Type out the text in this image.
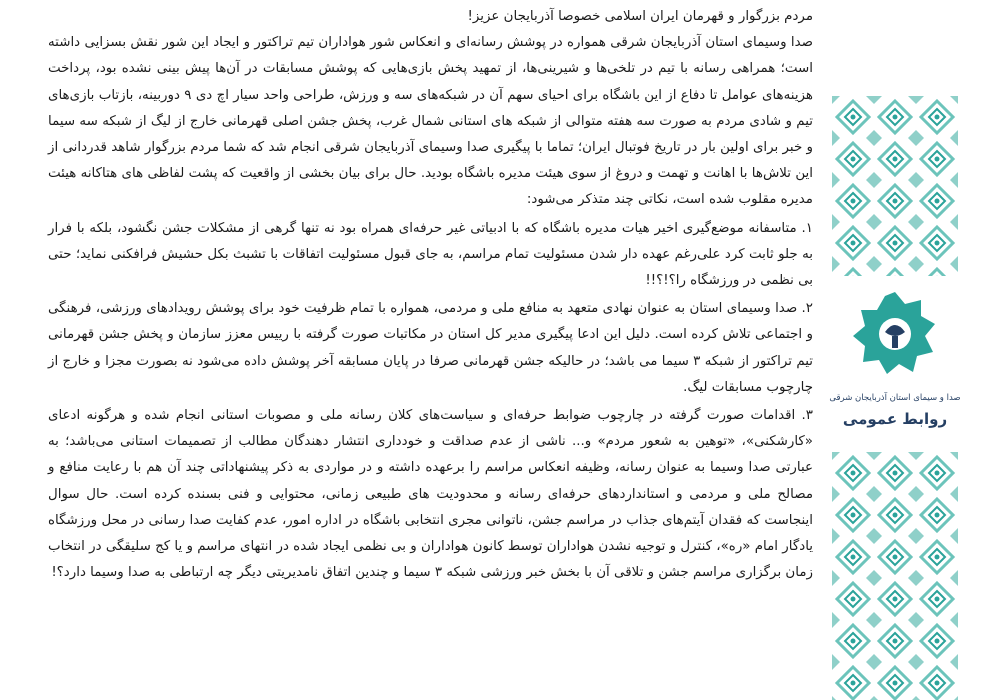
مردم بزرگوار و قهرمان ایران اسلامی خصوصا آذربایجان عزیز!

صدا وسیمای استان آذربایجان شرقی همواره در پوشش رسانه‌ای و انعکاس شور هواداران تیم تراکتور و ایجاد این شور نقش بسزایی داشته است؛ همراهی رسانه با تیم در تلخی‌ها و شیرینی‌ها، از تمهید پخش بازی‌هایی که پوشش مسابقات در آن‌ها پیش بینی نشده بود، پرداخت هزینه‌های عوامل تا دفاع از این باشگاه برای احیای سهم آن در شبکه‌های سه و ورزش، طراحی واحد سیار اچ دی ۹ دوربینه، بازتاب بازی‌های تیم و شادی مردم به صورت سه هفته متوالی از شبکه های استانی شمال غرب، پخش جشن اصلی قهرمانی خارج از لیگ از شبکه سه سیما و خبر برای اولین بار در تاریخ فوتبال ایران؛ تماما با پیگیری صدا وسیمای آذربایجان شرقی انجام شد که شما مردم بزرگوار شاهد قدردانی از این تلاش‌ها با اهانت و تهمت و دروغ از سوی هیئت مدیره باشگاه بودید. حال برای بیان بخشی از واقعیت که پشت لفاظی های هتاکانه هیئت مدیره مقلوب شده است، نکاتی چند متذکر می‌شود:

۱. متاسفانه موضع‌گیری اخیر هیات مدیره باشگاه که با ادبیاتی غیر حرفه‌ای همراه بود نه تنها گرهی از مشکلات جشن نگشود، بلکه با فرار به جلو ثابت کرد علی‌رغم عهده دار شدن مسئولیت تمام مراسم، به جای قبول مسئولیت اتفاقات با تشبث بکل حشیش فرافکنی نماید؛ حتی بی نظمی در ورزشگاه را؟!؟!!

۲. صدا وسیمای استان به عنوان نهادی متعهد به منافع ملی و مردمی، همواره با تمام ظرفیت خود برای پوشش رویدادهای ورزشی، فرهنگی و اجتماعی تلاش کرده است. دلیل این ادعا پیگیری مدیر کل استان در مکاتبات صورت گرفته با رییس معزز سازمان و پخش جشن قهرمانی تیم تراکتور از شبکه ۳ سیما می باشد؛ در حالیکه جشن قهرمانی صرفا در پایان مسابقه آخر پوشش داده می‌شود نه بصورت مجزا و خارج از چارچوب مسابقات لیگ.

۳. اقدامات صورت گرفته در چارچوب ضوابط حرفه‌ای و سیاست‌های کلان رسانه ملی و مصوبات استانی انجام شده و هرگونه ادعای «کارشکنی»، «توهین به شعور مردم» و... ناشی از عدم صداقت و خودداری انتشار دهندگان مطالب از تصمیمات استانی می‌باشد؛ به عبارتی صدا وسیما به عنوان رسانه، وظیفه انعکاس مراسم را برعهده داشته و در مواردی به ذکر پیشنهاداتی چند آن هم با رعایت منافع و مصالح ملی و مردمی و استانداردهای حرفه‌ای رسانه و محدودیت های طبیعی زمانی، محتوایی و فنی بسنده کرده است. حال سوال اینجاست که فقدان آیتم‌های جذاب در مراسم جشن، ناتوانی مجری انتخابی باشگاه در اداره امور، عدم کفایت صدا رسانی در محل ورزشگاه یادگار امام «ره»، کنترل و توجیه نشدن هواداران توسط کانون هواداران و بی نظمی ایجاد شده در انتهای مراسم و یا کج سلیقگی در انتخاب زمان برگزاری مراسم جشن و تلاقی آن با بخش خبر ورزشی شبکه ۳ سیما و چندین اتفاق نامدیریتی دیگر چه ارتباطی به صدا وسیما دارد؟!

صدا و سیمای استان آذربایجان شرقی
روابط عمومی
